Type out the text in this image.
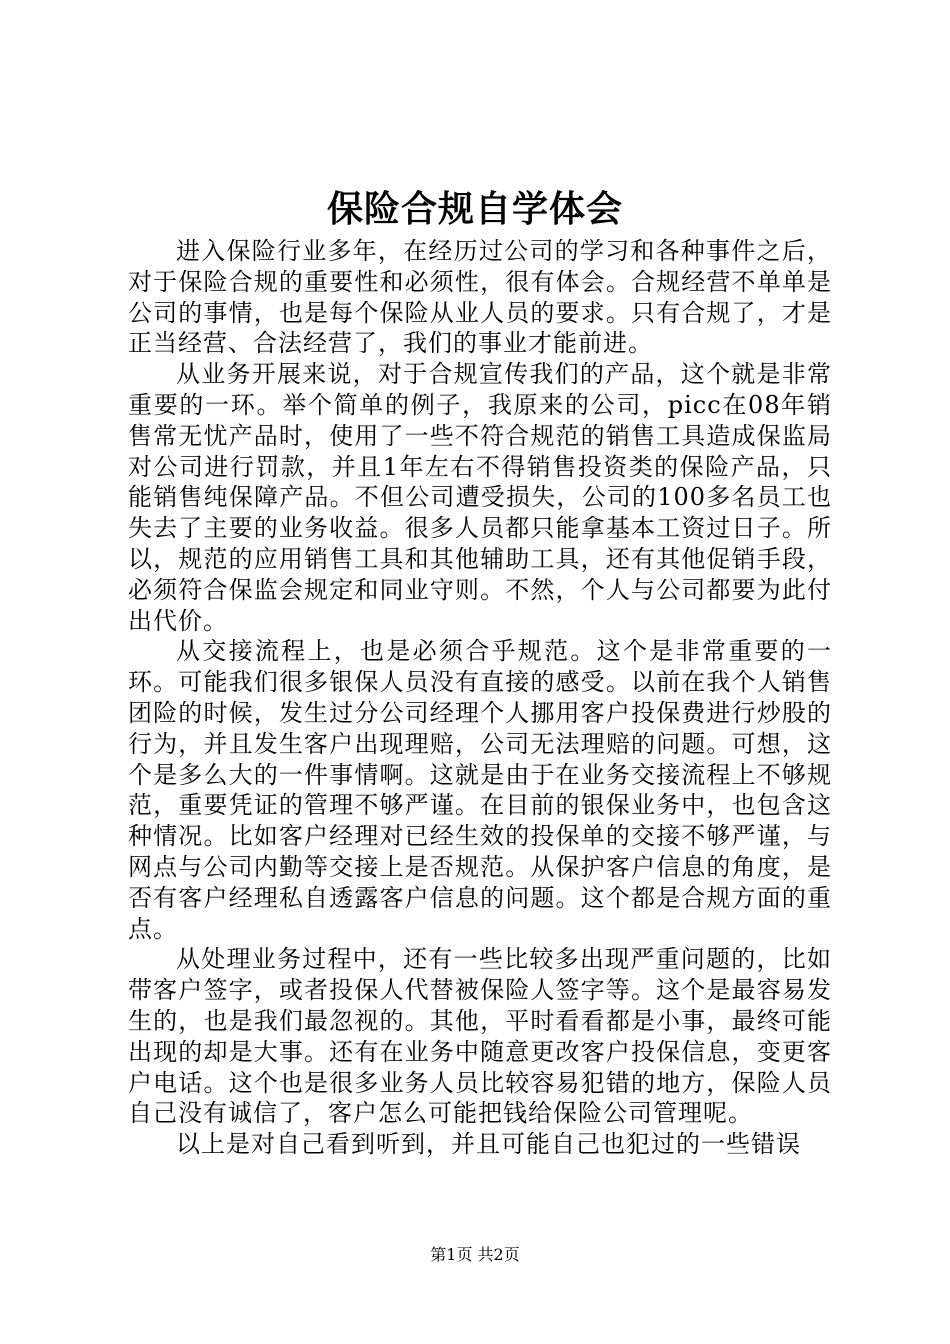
保险合规自学体会

进入保险行业多年，在经历过公司的学习和各种事件之后，对于保险合规的重要性和必须性，很有体会。合规经营不单单是公司的事情，也是每个保险从业人员的要求。只有合规了，才是正当经营、合法经营了，我们的事业才能前进。

从业务开展来说，对于合规宣传我们的产品，这个就是非常重要的一环。举个简单的例子，我原来的公司，picc在08年销售常无忧产品时，使用了一些不符合规范的销售工具造成保监局对公司进行罚款，并且1年左右不得销售投资类的保险产品，只能销售纯保障产品。不但公司遭受损失，公司的100多名员工也失去了主要的业务收益。很多人员都只能拿基本工资过日子。所以，规范的应用销售工具和其他辅助工具，还有其他促销手段，必须符合保监会规定和同业守则。不然，个人与公司都要为此付出代价。

从交接流程上，也是必须合乎规范。这个是非常重要的一环。可能我们很多银保人员没有直接的感受。以前在我个人销售团险的时候，发生过分公司经理个人挪用客户投保费进行炒股的行为，并且发生客户出现理赔，公司无法理赔的问题。可想，这个是多么大的一件事情啊。这就是由于在业务交接流程上不够规范，重要凭证的管理不够严谨。在目前的银保业务中，也包含这种情况。比如客户经理对已经生效的投保单的交接不够严谨，与网点与公司内勤等交接上是否规范。从保护客户信息的角度，是否有客户经理私自透露客户信息的问题。这个都是合规方面的重点。

从处理业务过程中，还有一些比较多出现严重问题的，比如带客户签字，或者投保人代替被保险人签字等。这个是最容易发生的，也是我们最忽视的。其他，平时看看都是小事，最终可能出现的却是大事。还有在业务中随意更改客户投保信息，变更客户电话。这个也是很多业务人员比较容易犯错的地方，保险人员自己没有诚信了，客户怎么可能把钱给保险公司管理呢。

以上是对自己看到听到，并且可能自己也犯过的一些错误

第1页 共2页
